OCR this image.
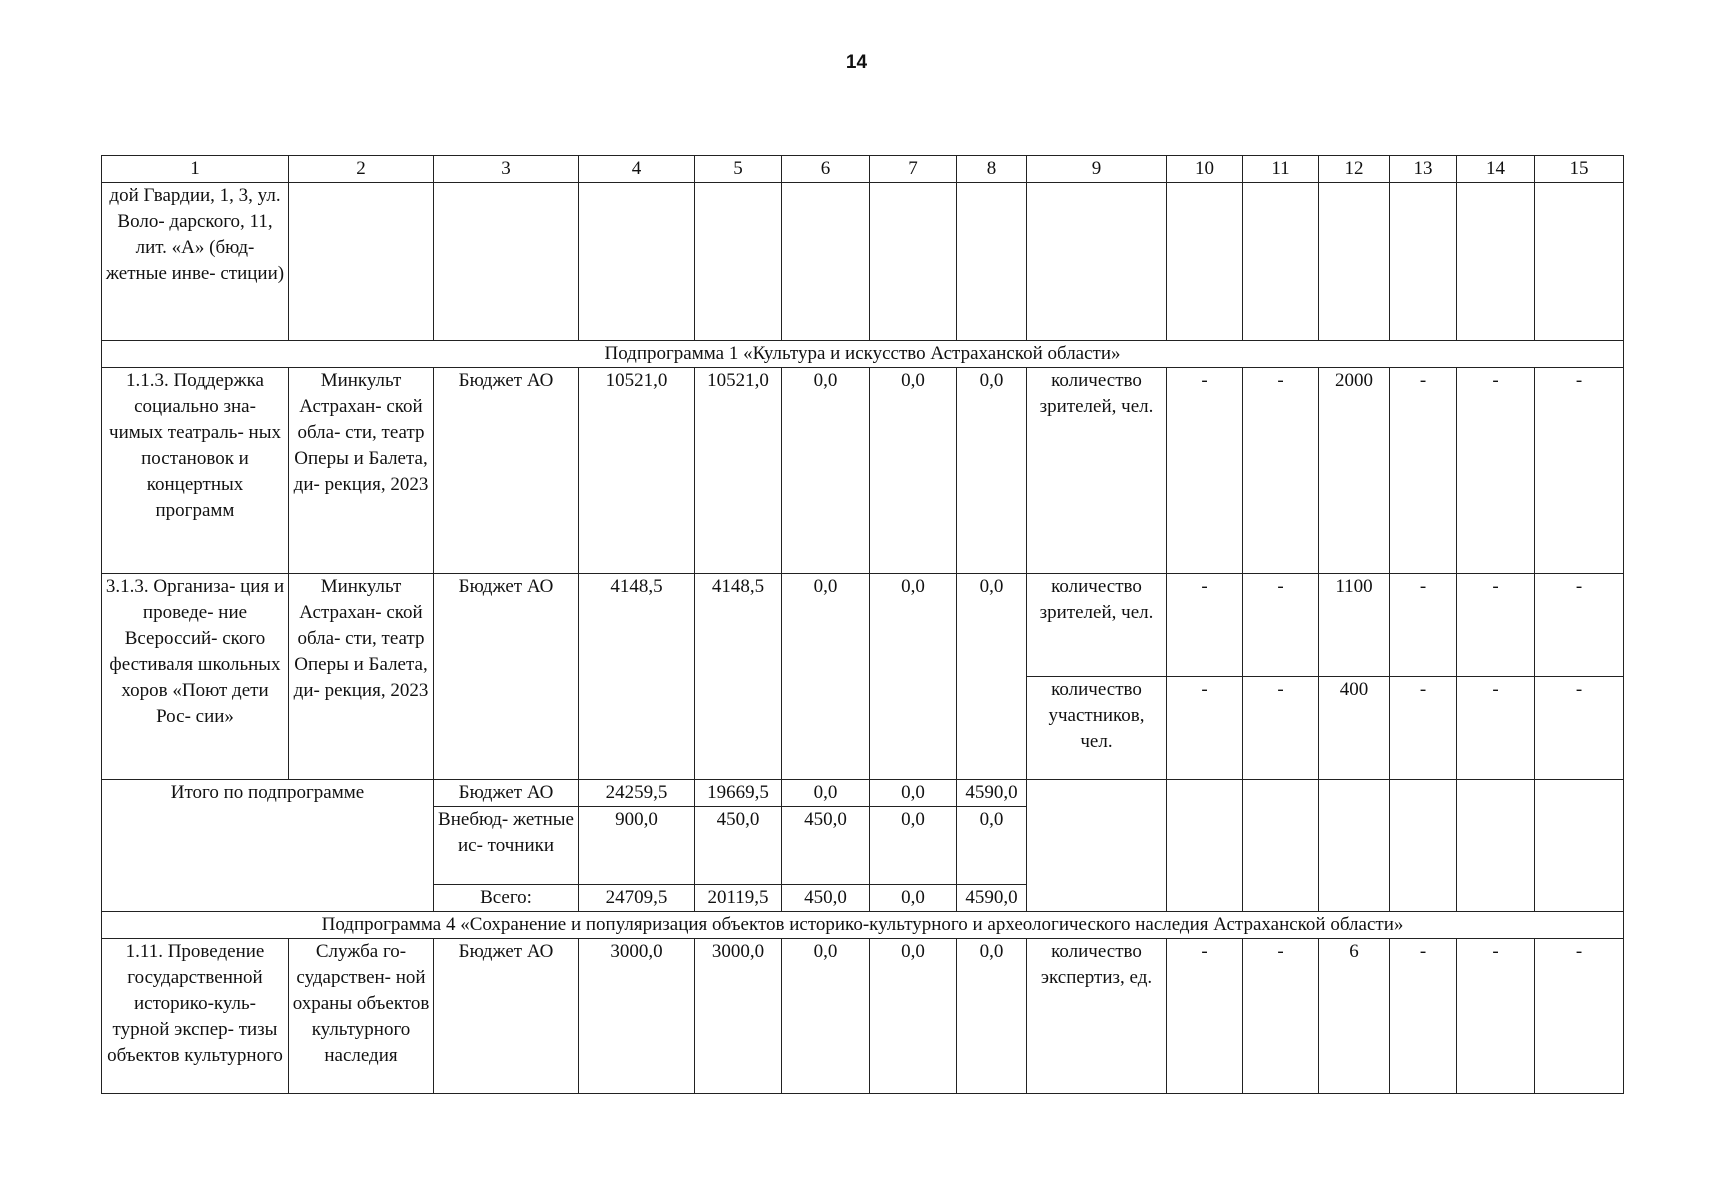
14
1	2	3	4	5	6	7	8	9	10	11	12	13	14	15

дой Гвардии, 1, 3, ул. Воло- дарского, 11, лит. «А» (бюд- жетные инве- стиции)														

Подпрограмма 1 «Культура и искусство Астраханской области»														

1.1.3. Поддержка социально зна- чимых театраль- ных постановок и концертных программ	Минкульт Астрахан- ской обла- сти, театр Оперы и Балета, ди- рекция, 2023	Бюджет АО	10521,0	10521,0	0,0	0,0	0,0	количество зрителей, чел.	-	-	2000	-	-	-

3.1.3. Организа- ция и проведе- ние Всероссий- ского фестиваля школьных хоров «Поют дети Рос- сии»	Минкульт Астрахан- ской обла- сти, театр Оперы и Балета, ди- рекция, 2023	Бюджет АО	4148,5	4148,5	0,0	0,0	0,0	количество зрителей, чел.	-	-	1100	-	-	-

								количество участников, чел.	-	-	400	-	-	-
Итого по подпрограмме		Бюджет АО	24259,5	19669,5	0,0	0,0	4590,0							
		Внебюд- жетные ис- точники	900,0	450,0	450,0	0,0	0,0							
		Всего:	24709,5	20119,5	450,0	0,0	4590,0							
Подпрограмма 4 «Сохранение и популяризация объектов историко-культурного и археологического наследия Астраханской области»														

1.11. Проведение государственной историко-куль- турной экспер- тизы объектов культурного	Служба го- сударствен- ной охраны объектов культурного наследия	Бюджет АО	3000,0	3000,0	0,0	0,0	0,0	количество экспертиз, ед.	-	-	6	-	-	-
